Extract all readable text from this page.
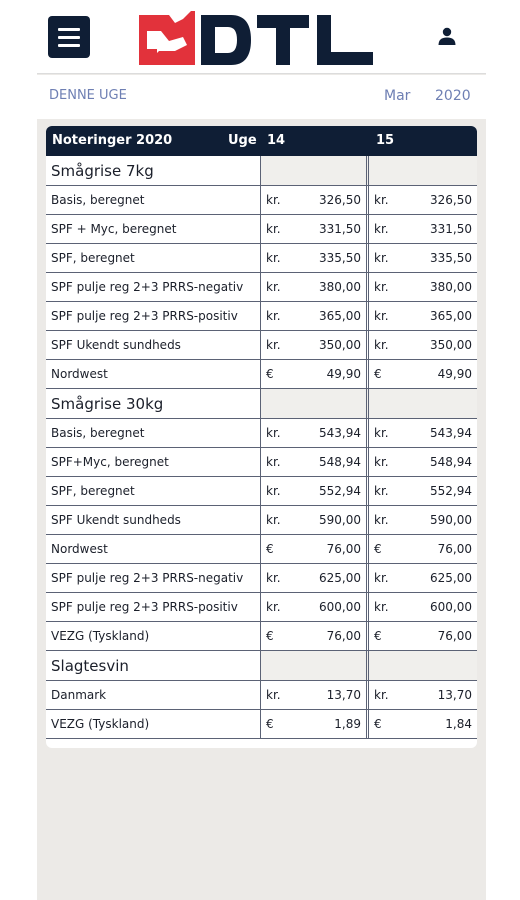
DENNE UGE	Mar 2020
Noteringer 2020	Uge 14	15
Smågrise 7kg
Basis, beregnet	kr.	326,50 kr.	326,50
SPF + Myc, beregnet	kr.	331,50 kr.	331,50
SPF, beregnet	kr.	335,50 kr.	335,50
SPF pulje reg 2+3 PRRS-negativ	kr.	380,00 kr.	380,00
SPF pulje reg 2+3 PRRS-positiv	kr.	365,00 kr.	365,00
SPF Ukendt sundheds	kr.	350,00 kr.	350,00
Nordwest	€	49,90 €	49,90
Smågrise 30kg
Basis, beregnet	kr.	543,94 kr.	543,94
SPF+Myc, beregnet	kr.	548,94 kr.	548,94
SPF, beregnet	kr.	552,94 kr.	552,94
SPF Ukendt sundheds	kr.	590,00 kr.	590,00
Nordwest	€	76,00 €	76,00
SPF pulje reg 2+3 PRRS-negativ	kr.	625,00 kr.	625,00
SPF pulje reg 2+3 PRRS-positiv	kr.	600,00 kr.	600,00
VEZG (Tyskland)	€	76,00 €	76,00
Slagtesvin
Danmark	kr.	13,70 kr.	13,70
VEZG (Tyskland)	€	1,89 €	1,84
